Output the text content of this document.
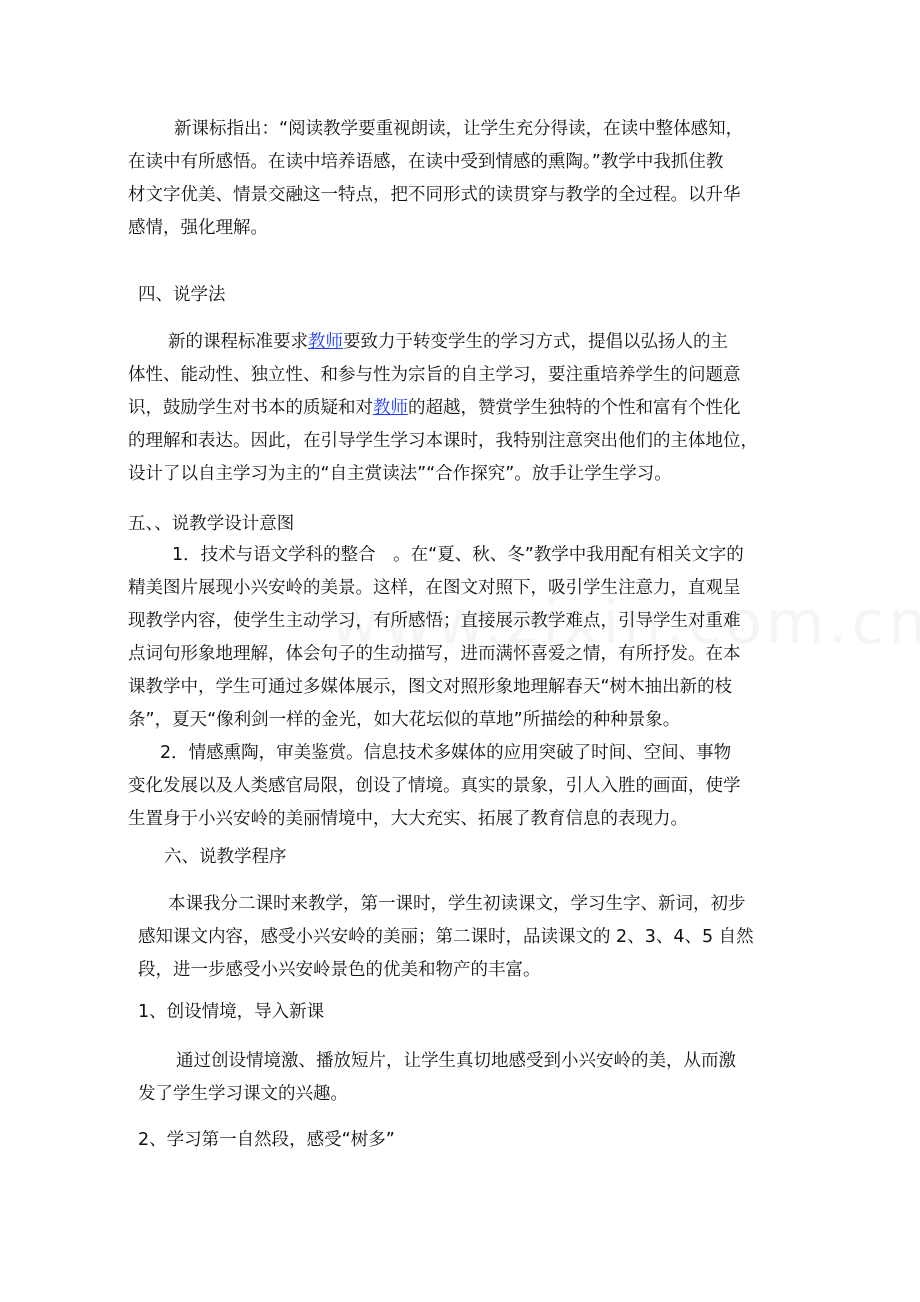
新课标指出：“阅读教学要重视朗读，让学生充分得读，在读中整体感知，
在读中有所感悟。在读中培养语感，在读中受到情感的熏陶。”教学中我抓住教
材文字优美、情景交融这一特点，把不同形式的读贯穿与教学的全过程。以升华
感情，强化理解。
四、说学法
新的课程标准要求教师要致力于转变学生的学习方式，提倡以弘扬人的主
体性、能动性、独立性、和参与性为宗旨的自主学习，要注重培养学生的问题意
识，鼓励学生对书本的质疑和对教师的超越，赞赏学生独特的个性和富有个性化
的理解和表达。因此，在引导学生学习本课时，我特别注意突出他们的主体地位，
设计了以自主学习为主的“自主赏读法”“合作探究”。放手让学生学习。
五、、说教学设计意图
1．技术与语文学科的整合　。在“夏、秋、冬”教学中我用配有相关文字的
精美图片展现小兴安岭的美景。这样，在图文对照下，吸引学生注意力，直观呈
现教学内容，使学生主动学习，有所感悟；直接展示教学难点，引导学生对重难
点词句形象地理解，体会句子的生动描写，进而满怀喜爱之情，有所抒发。在本
课教学中，学生可通过多媒体展示，图文对照形象地理解春天“树木抽出新的枝
条”，夏天“像利剑一样的金光，如大花坛似的草地”所描绘的种种景象。
2．情感熏陶，审美鉴赏。信息技术多媒体的应用突破了时间、空间、事物
变化发展以及人类感官局限，创设了情境。真实的景象，引人入胜的画面，使学
生置身于小兴安岭的美丽情境中，大大充实、拓展了教育信息的表现力。
六、说教学程序
本课我分二课时来教学，第一课时，学生初读课文，学习生字、新词，初步
感知课文内容，感受小兴安岭的美丽；第二课时，品读课文的 2、3、4、5 自然
段，进一步感受小兴安岭景色的优美和物产的丰富。
1、创设情境，导入新课
通过创设情境激、播放短片，让学生真切地感受到小兴安岭的美，从而激
发了学生学习课文的兴趣。
2、学习第一自然段，感受“树多”
